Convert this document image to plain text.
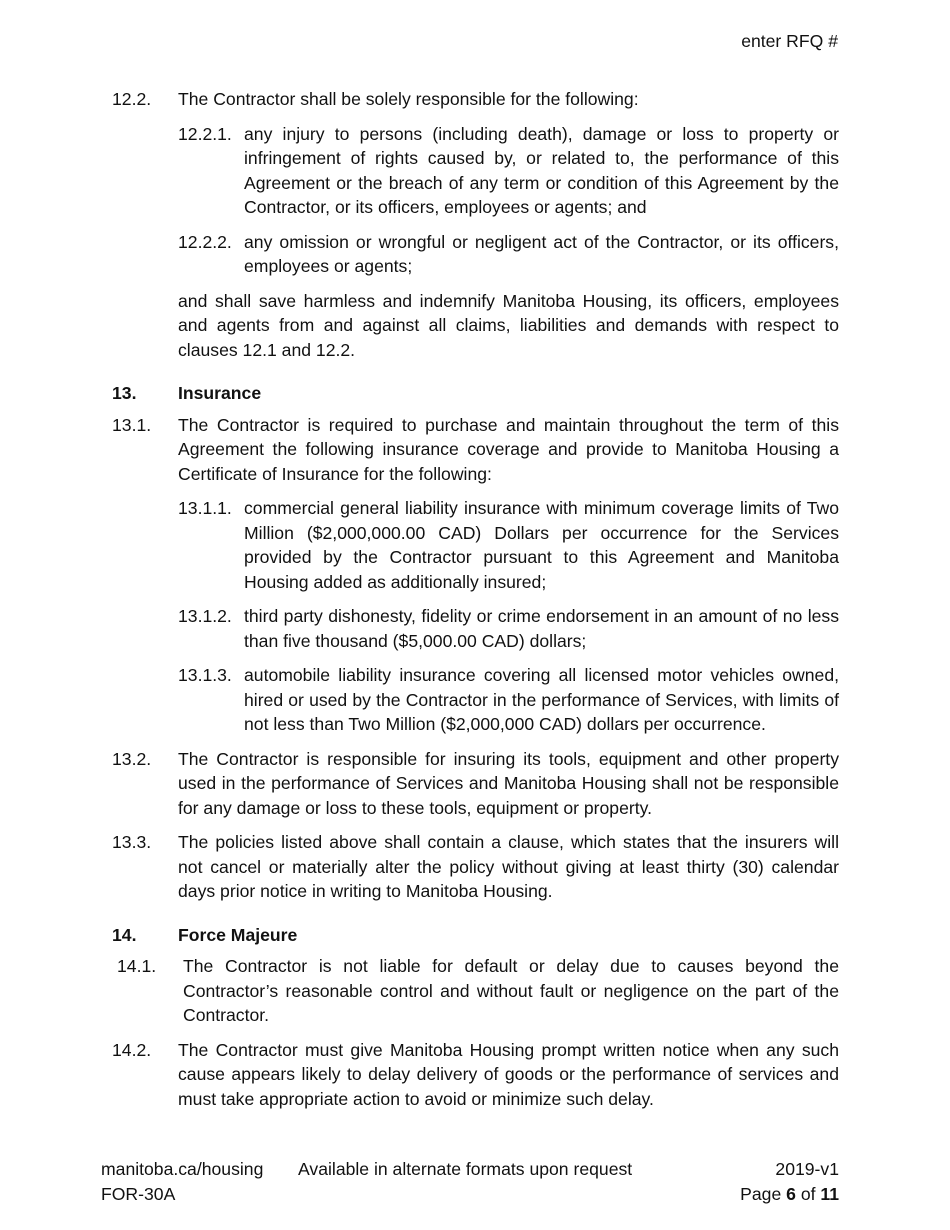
enter RFQ #
12.2.	The Contractor shall be solely responsible for the following:
12.2.1. any injury to persons (including death), damage or loss to property or infringement of rights caused by, or related to, the performance of this Agreement or the breach of any term or condition of this Agreement by the Contractor, or its officers, employees or agents; and
12.2.2. any omission or wrongful or negligent act of the Contractor, or its officers, employees or agents;
and shall save harmless and indemnify Manitoba Housing, its officers, employees and agents from and against all claims, liabilities and demands with respect to clauses 12.1 and 12.2.
13.	Insurance
13.1.	The Contractor is required to purchase and maintain throughout the term of this Agreement the following insurance coverage and provide to Manitoba Housing a Certificate of Insurance for the following:
13.1.1. commercial general liability insurance with minimum coverage limits of Two Million ($2,000,000.00 CAD) Dollars per occurrence for the Services provided by the Contractor pursuant to this Agreement and Manitoba Housing added as additionally insured;
13.1.2. third party dishonesty, fidelity or crime endorsement in an amount of no less than five thousand ($5,000.00 CAD) dollars;
13.1.3. automobile liability insurance covering all licensed motor vehicles owned, hired or used by the Contractor in the performance of Services, with limits of not less than Two Million ($2,000,000 CAD) dollars per occurrence.
13.2.	The Contractor is responsible for insuring its tools, equipment and other property used in the performance of Services and Manitoba Housing shall not be responsible for any damage or loss to these tools, equipment or property.
13.3.	The policies listed above shall contain a clause, which states that the insurers will not cancel or materially alter the policy without giving at least thirty (30) calendar days prior notice in writing to Manitoba Housing.
14.	Force Majeure
14.1.	The Contractor is not liable for default or delay due to causes beyond the Contractor’s reasonable control and without fault or negligence on the part of the Contractor.
14.2.	The Contractor must give Manitoba Housing prompt written notice when any such cause appears likely to delay delivery of goods or the performance of services and must take appropriate action to avoid or minimize such delay.
manitoba.ca/housing
FOR-30A
Available in alternate formats upon request	2019-v1
Page 6 of 11
